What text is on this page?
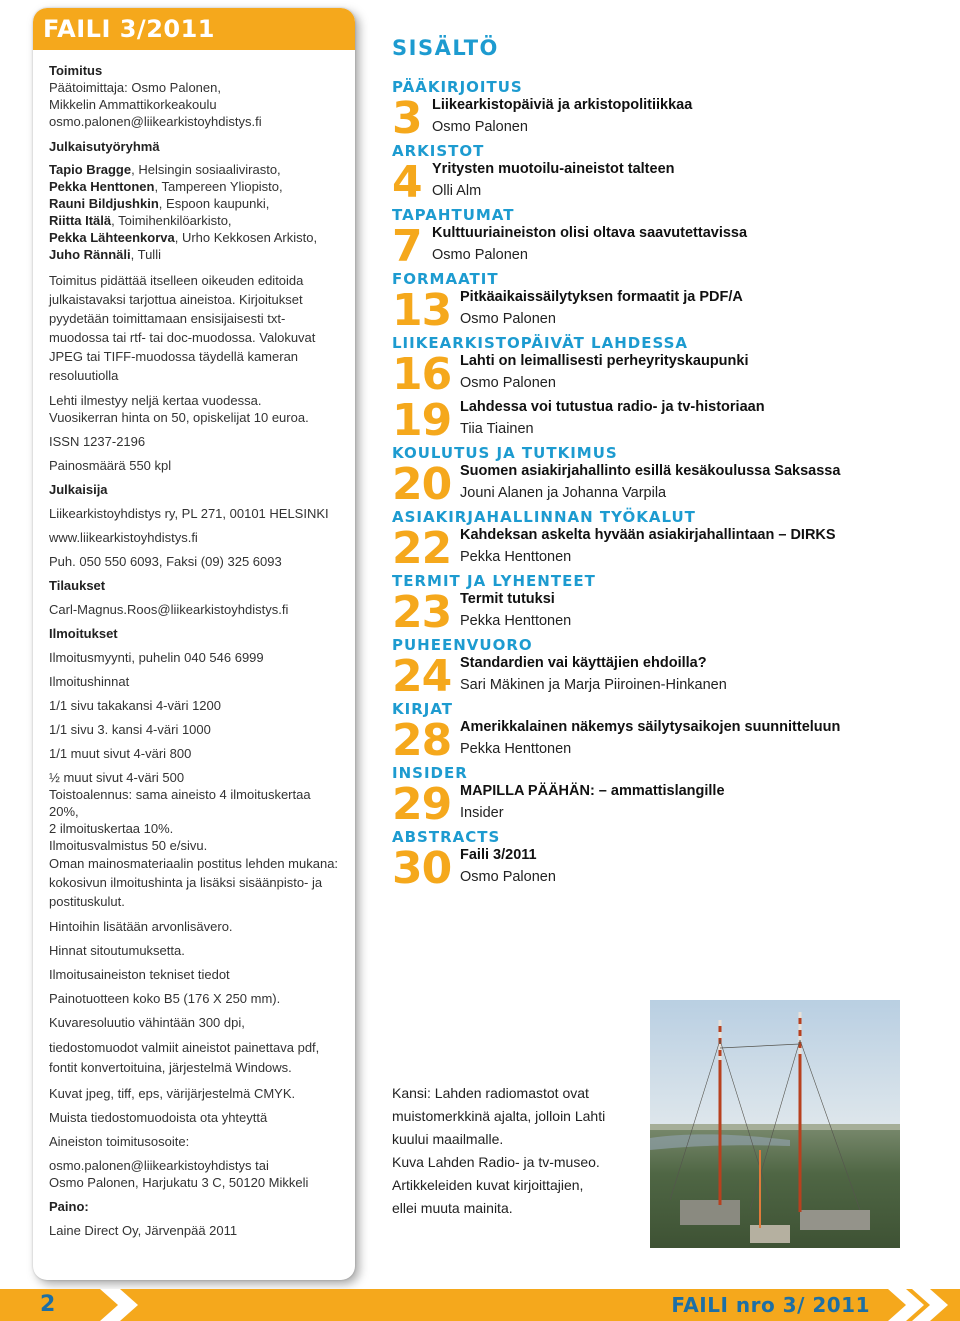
FAILI 3/2011
Toimitus
Päätoimittaja: Osmo Palonen,
Mikkelin Ammattikorkeakoulu
osmo.palonen@liikearkistoyhdistys.fi
Julkaisutyöryhmä
Tapio Bragge, Helsingin sosiaalivirasto,
Pekka Henttonen, Tampereen Yliopisto,
Rauni Bildjushkin, Espoon kaupunki,
Riitta Itälä, Toimihenkilöarkisto,
Pekka Lähteenkorva, Urho Kekkosen Arkisto,
Juho Rännäli, Tulli
Toimitus pidättää itselleen oikeuden editoida julkaistavaksi tarjottua aineistoa. Kirjoitukset pyydetään toimittamaan ensisijaisesti txt-muodossa tai rtf- tai doc-muodossa. Valokuvat JPEG tai TIFF-muodossa täydellä kameran resoluutiolla
Lehti ilmestyy neljä kertaa vuodessa.
Vuosikerran hinta on 50, opiskelijat 10 euroa.
ISSN 1237-2196
Painosmäärä 550 kpl
Julkaisija
Liikearkistoyhdistys ry, PL 271, 00101 HELSINKI
www.liikearkistoyhdistys.fi
Puh. 050 550 6093, Faksi (09) 325 6093
Tilaukset
Carl-Magnus.Roos@liikearkistoyhdistys.fi
Ilmoitukset
Ilmoitusmyynti, puhelin 040 546 6999
Ilmoitushinnat
1/1 sivu takakansi 4-väri 1200
1/1 sivu 3. kansi 4-väri 1000
1/1 muut sivut 4-väri 800
½ muut sivut 4-väri 500
Toistoalennus: sama aineisto 4 ilmoituskertaa 20%,
2 ilmoituskertaa 10%.
Ilmoitusvalmistus 50 e/sivu.
Oman mainosmateriaalin postitus lehden mukana: kokosivun ilmoitushinta ja lisäksi sisäänpisto- ja postituskulut.
Hintoihin lisätään arvonlisävero.
Hinnat sitoutumuksetta.
Ilmoitusaineiston tekniset tiedot
Painotuotteen koko B5 (176 X 250 mm).
Kuvaresoluutio vähintään 300 dpi,
tiedostomuodot valmiit aineistot painettava pdf, fontit konvertoituina, järjestelmä Windows.
Kuvat jpeg, tiff, eps, värijärjestelmä CMYK.
Muista tiedostomuodoista ota yhteyttä
Aineiston toimitusosoite:
osmo.palonen@liikearkistoyhdistys tai
Osmo Palonen, Harjukatu 3 C, 50120 Mikkeli
Paino:
Laine Direct Oy, Järvenpää 2011
SISÄLTÖ
PÄÄKIRJOITUS
3 Liikearkistopäiviä ja arkistopolitiikkaa
Osmo Palonen
ARKISTOT
4 Yritysten muotoilu-aineistot talteen
Olli Alm
TAPAHTUMAT
7 Kulttuuriaineiston olisi oltava saavutettavissa
Osmo Palonen
FORMAATIT
13 Pitkäaikaissäilytyksen formaatit ja PDF/A
Osmo Palonen
LIIKEARKISTOPÄIVÄT LAHDESSA
16 Lahti on leimallisesti perheyrityskaupunki
Osmo Palonen
19 Lahdessa voi tutustua radio- ja tv-historiaan
Tiia Tiainen
KOULUTUS JA TUTKIMUS
20 Suomen asiakirjahallinto esillä kesäkoulussa Saksassa
Jouni Alanen ja Johanna Varpila
ASIAKIRJAHALLINNAN TYÖKALUT
22 Kahdeksan askelta hyvään asiakirjahallintaan – DIRKS
Pekka Henttonen
TERMIT JA LYHENTEET
23 Termit tutuksi
Pekka Henttonen
PUHEENVUORO
24 Standardien vai käyttäjien ehdoilla?
Sari Mäkinen ja Marja Piiroinen-Hinkanen
KIRJAT
28 Amerikkalainen näkemys säilytysaikojen suunnitteluun
Pekka Henttonen
INSIDER
29 MAPILLA PÄÄHÄN: – ammattislangille
Insider
ABSTRACTS
30 Faili 3/2011
Osmo Palonen
Kansi: Lahden radiomastot ovat
muistomerkkinä ajalta, jolloin Lahti
kuului maailmalle.
Kuva Lahden Radio- ja tv-museo.
Artikkeleiden kuvat kirjoittajien,
ellei muuta mainita.
2	FAILI nro 3/ 2011
